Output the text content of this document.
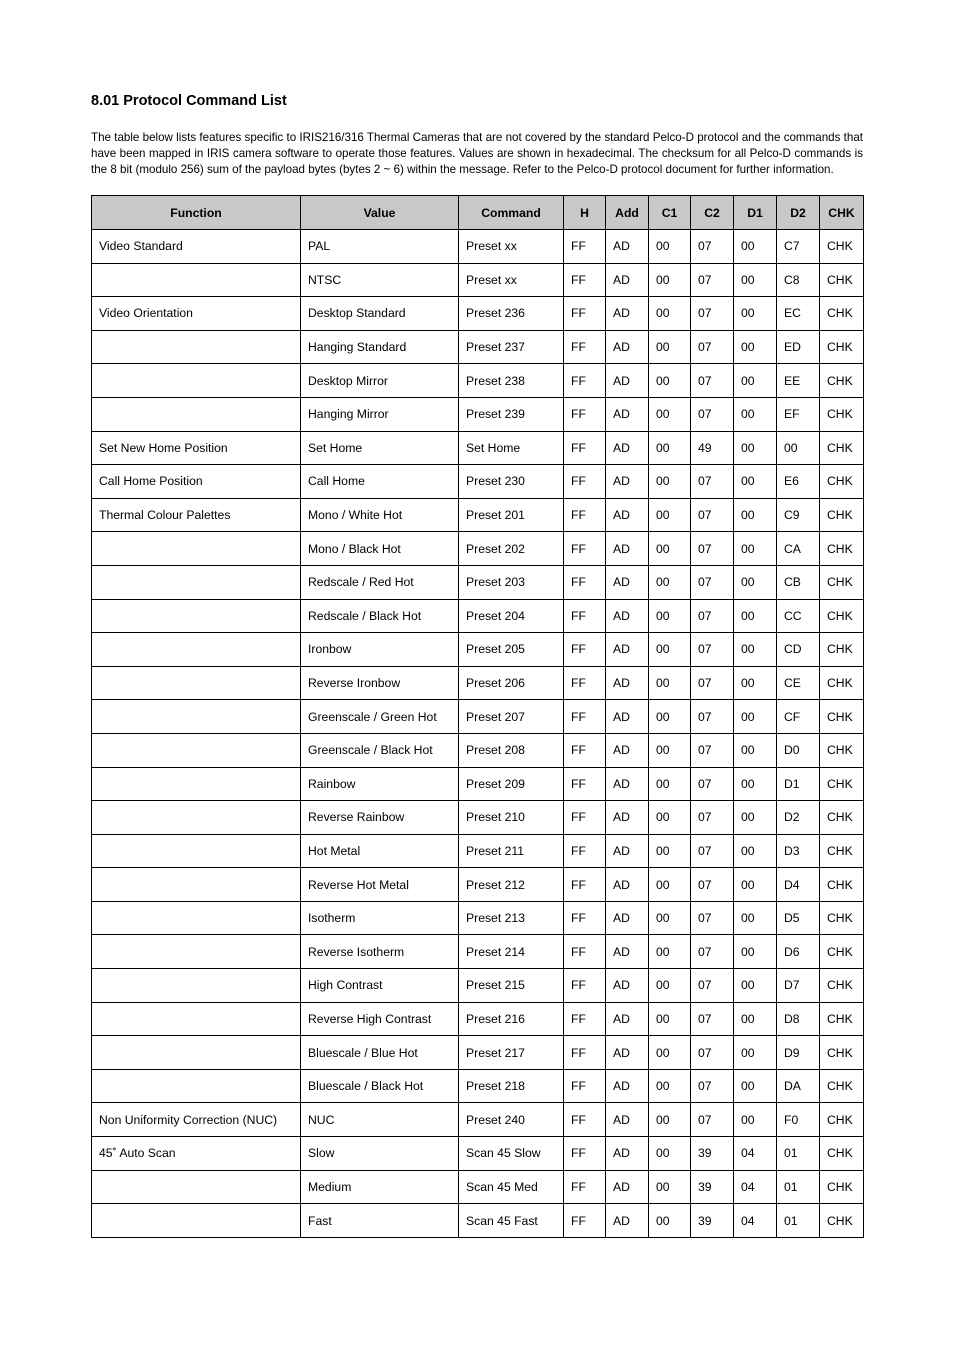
8.01 Protocol Command List

The table below lists features specific to IRIS216/316 Thermal Cameras that are not covered by the standard Pelco-D protocol and the commands that have been mapped in IRIS camera software to operate those features. Values are shown in hexadecimal. The checksum for all Pelco-D commands is the 8 bit (modulo 256) sum of the payload bytes (bytes 2 ~ 6) within the message. Refer to the Pelco-D protocol document for further information.

Function	Value	Command	H	Add	C1	C2	D1	D2	CHK
Video Standard	PAL	Preset xx	FF	AD	00	07	00	C7	CHK
	NTSC	Preset xx	FF	AD	00	07	00	C8	CHK
Video Orientation	Desktop Standard	Preset 236	FF	AD	00	07	00	EC	CHK
	Hanging Standard	Preset 237	FF	AD	00	07	00	ED	CHK
	Desktop Mirror	Preset 238	FF	AD	00	07	00	EE	CHK
	Hanging Mirror	Preset 239	FF	AD	00	07	00	EF	CHK
Set New Home Position	Set Home	Set Home	FF	AD	00	49	00	00	CHK
Call Home Position	Call Home	Preset 230	FF	AD	00	07	00	E6	CHK
Thermal Colour Palettes	Mono / White Hot	Preset 201	FF	AD	00	07	00	C9	CHK
	Mono / Black Hot	Preset 202	FF	AD	00	07	00	CA	CHK
	Redscale / Red Hot	Preset 203	FF	AD	00	07	00	CB	CHK
	Redscale / Black Hot	Preset 204	FF	AD	00	07	00	CC	CHK
	Ironbow	Preset 205	FF	AD	00	07	00	CD	CHK
	Reverse Ironbow	Preset 206	FF	AD	00	07	00	CE	CHK
	Greenscale / Green Hot	Preset 207	FF	AD	00	07	00	CF	CHK
	Greenscale / Black Hot	Preset 208	FF	AD	00	07	00	D0	CHK
	Rainbow	Preset 209	FF	AD	00	07	00	D1	CHK
	Reverse Rainbow	Preset 210	FF	AD	00	07	00	D2	CHK
	Hot Metal	Preset 211	FF	AD	00	07	00	D3	CHK
	Reverse Hot Metal	Preset 212	FF	AD	00	07	00	D4	CHK
	Isotherm	Preset 213	FF	AD	00	07	00	D5	CHK
	Reverse Isotherm	Preset 214	FF	AD	00	07	00	D6	CHK
	High Contrast	Preset 215	FF	AD	00	07	00	D7	CHK
	Reverse High Contrast	Preset 216	FF	AD	00	07	00	D8	CHK
	Bluescale / Blue Hot	Preset 217	FF	AD	00	07	00	D9	CHK
	Bluescale / Black Hot	Preset 218	FF	AD	00	07	00	DA	CHK
Non Uniformity Correction (NUC)	NUC	Preset 240	FF	AD	00	07	00	F0	CHK
45˚ Auto Scan	Slow	Scan 45 Slow	FF	AD	00	39	04	01	CHK
	Medium	Scan 45 Med	FF	AD	00	39	04	01	CHK
	Fast	Scan 45 Fast	FF	AD	00	39	04	01	CHK
